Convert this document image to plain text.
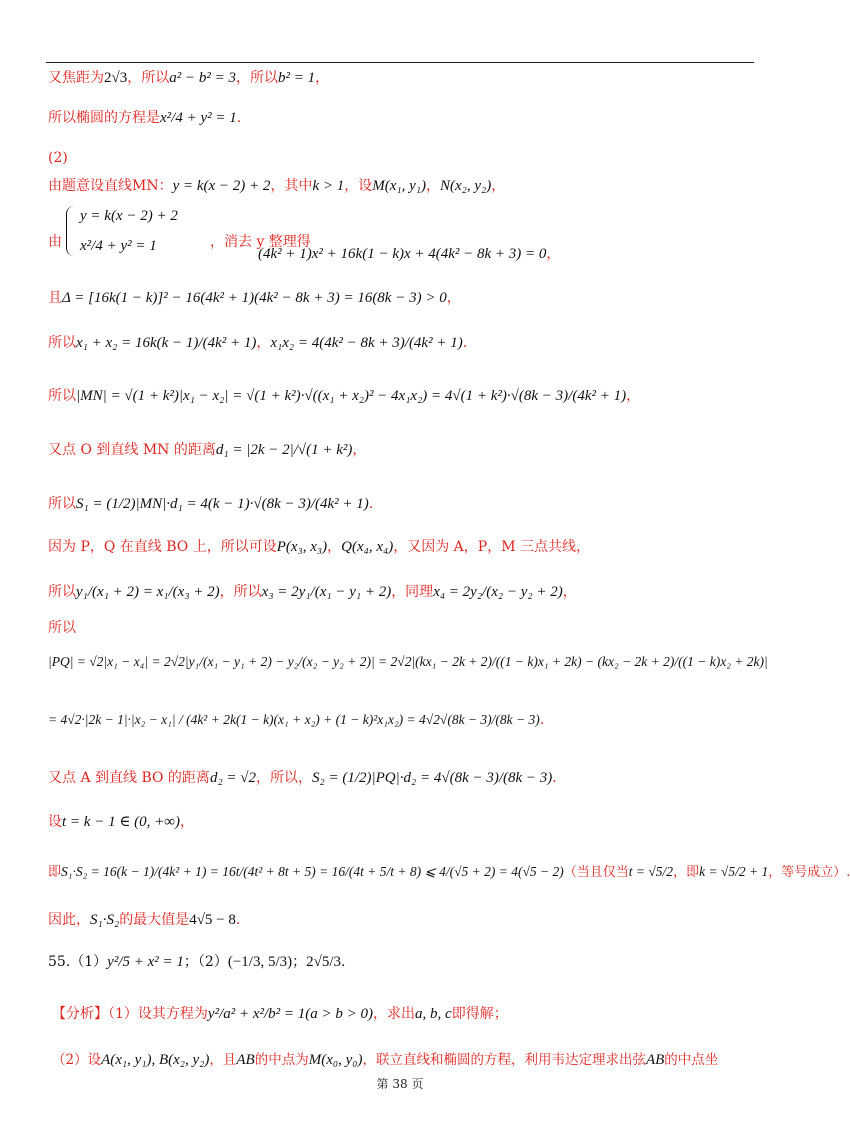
又焦距为2√3，所以a² − b² = 3，所以b² = 1，
所以椭圆的方程是x²/4 + y² = 1.
(2)
由题意设直线MN：y = k(x − 2) + 2，其中k > 1，设M(x₁, y₁)，N(x₂, y₂)，
由
y = k(x − 2) + 2
x²/4 + y² = 1	，消去 y 整理得
(4k² + 1)x² + 16k(1 − k)x + 4(4k² − 8k + 3) = 0，
且Δ = [16k(1 − k)]² − 16(4k² + 1)(4k² − 8k + 3) = 16(8k − 3) > 0，
所以x₁ + x₂ = 16k(k − 1)/(4k² + 1)，x₁x₂ = 4(4k² − 8k + 3)/(4k² + 1).
所以|MN| = √(1 + k²)|x₁ − x₂| = √(1 + k²)·√((x₁ + x₂)² − 4x₁x₂) = 4√(1 + k²)·√(8k − 3)/(4k² + 1)，
又点 O 到直线 MN 的距离d₁ = |2k − 2|/√(1 + k²)，
所以S₁ = (1/2)|MN|·d₁ = 4(k − 1)·√(8k − 3)/(4k² + 1).
因为 P，Q 在直线 BO 上，所以可设P(x₃, x₃)，Q(x₄, x₄)，又因为 A，P，M 三点共线，
所以y₁/(x₁ + 2) = x₁/(x₃ + 2)，所以x₃ = 2y₁/(x₁ − y₁ + 2)，同理x₄ = 2y₂/(x₂ − y₂ + 2)，
所以
|PQ| = √2|x₁ − x₄| = 2√2|y₁/(x₁ − y₁ + 2) − y₂/(x₂ − y₂ + 2)| = 2√2|(kx₁ − 2k + 2)/((1 − k)x₁ + 2k) − (kx₂ − 2k + 2)/((1 − k)x₂ + 2k)|
= 4√2·|2k − 1|·|x₂ − x₁| / (4k² + 2k(1 − k)(x₁ + x₂) + (1 − k)²x₁x₂) = 4√2√(8k − 3)/(8k − 3).
又点 A 到直线 BO 的距离d₂ = √2，所以，S₂ = (1/2)|PQ|·d₂ = 4√(8k − 3)/(8k − 3).
设t = k − 1 ∈ (0, +∞)，
即S₁·S₂ = 16(k − 1)/(4k² + 1) = 16t/(4t² + 8t + 5) = 16/(4t + 5/t + 8) ⩽ 4/(√5 + 2) = 4(√5 − 2)（当且仅当t = √5/2，即k = √5/2 + 1，等号成立）.
因此，S₁·S₂的最大值是4√5 − 8.
55.（1）y²/5 + x² = 1；（2）(−1/3, 5/3)；2√5/3.
【分析】（1）设其方程为y²/a² + x²/b² = 1(a > b > 0)，求出a, b, c即得解；
（2）设A(x₁, y₁), B(x₂, y₂)，且AB的中点为M(x₀, y₀)，联立直线和椭圆的方程，利用韦达定理求出弦AB的中点坐
第 38 页
